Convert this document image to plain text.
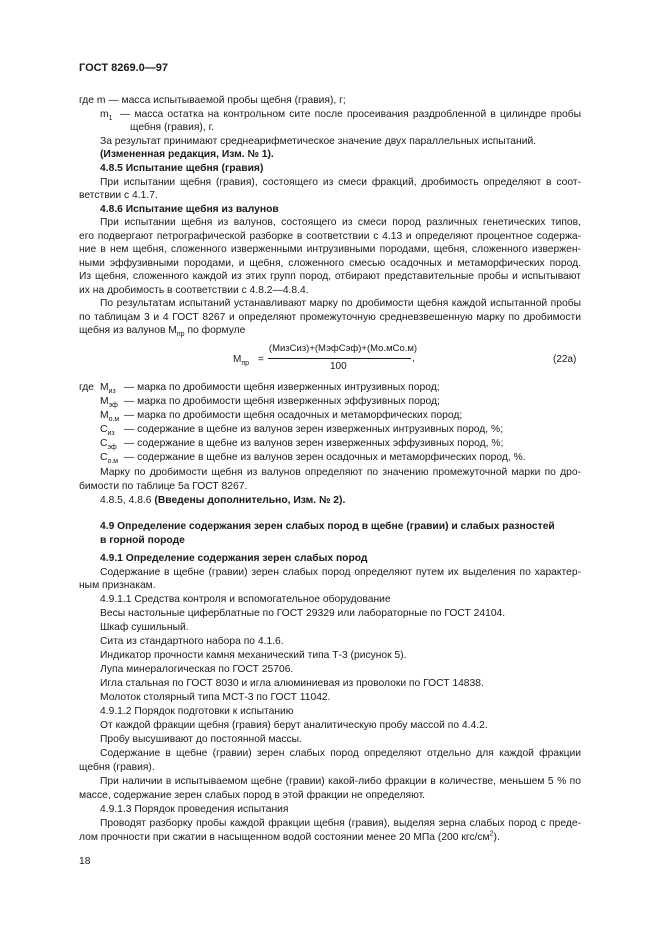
ГОСТ 8269.0—97
где m — масса испытываемой пробы щебня (гравия), г;
$m_1$ — масса остатка на контрольном сите после просеивания раздробленной в цилиндре пробы
щебня (гравия), г.
За результат принимают среднеарифметическое значение двух параллельных испытаний.
(Измененная редакция, Изм. № 1).
4.8.5 Испытание щебня (гравия)
При испытании щебня (гравия), состоящего из смеси фракций, дробимость определяют в соот-
ветствии с 4.1.7.
4.8.6 Испытание щебня из валунов
При испытании щебня из валунов, состоящего из смеси пород различных генетических типов,
его подвергают петрографической разборке в соответствии с 4.13 и определяют процентное содержа-
ние в нем щебня, сложенного изверженными интрузивными породами, щебня, сложенного извержен-
ными эффузивными породами, и щебня, сложенного смесью осадочных и метаморфических пород.
Из щебня, сложенного каждой из этих групп пород, отбирают представительные пробы и испытывают
их на дробимость в соответствии с 4.8.2—4.8.4.
По результатам испытаний устанавливают марку по дробимости щебня каждой испытанной пробы
по таблицам 3 и 4 ГОСТ 8267 и определяют промежуточную средневзвешенную марку по дробимости
щебня из валунов $М_{пр}$ по формуле
$М_{пр}$ =
(МизСиз)+(МэфСэф)+(Мо.мСо.м)
100
,	(22а)
где $М_{из}$ — марка по дробимости щебня изверженных интрузивных пород;
$М_{эф}$ — марка по дробимости щебня изверженных эффузивных пород;
$М_{о.м}$ — марка по дробимости щебня осадочных и метаморфических пород;
$С_{из}$ — содержание в щебне из валунов зерен изверженных интрузивных пород, %;
$С_{эф}$ — содержание в щебне из валунов зерен изверженных эффузивных пород, %;
$С_{о.м}$ — содержание в щебне из валунов зерен осадочных и метаморфических пород, %.
Марку по дробимости щебня из валунов определяют по значению промежуточной марки по дро-
бимости по таблице 5а ГОСТ 8267.
4.8.5, 4.8.6 (Введены дополнительно, Изм. № 2).
4.9 Определение содержания зерен слабых пород в щебне (гравии) и слабых разностей
в горной породе
4.9.1 Определение содержания зерен слабых пород
Содержание в щебне (гравии) зерен слабых пород определяют путем их выделения по характер-
ным признакам.
4.9.1.1 Средства контроля и вспомогательное оборудование
Весы настольные циферблатные по ГОСТ 29329 или лабораторные по ГОСТ 24104.
Шкаф сушильный.
Сита из стандартного набора по 4.1.6.
Индикатор прочности камня механический типа Т-3 (рисунок 5).
Лупа минералогическая по ГОСТ 25706.
Игла стальная по ГОСТ 8030 и игла алюминиевая из проволоки по ГОСТ 14838.
Молоток столярный типа МСТ-3 по ГОСТ 11042.
4.9.1.2 Порядок подготовки к испытанию
От каждой фракции щебня (гравия) берут аналитическую пробу массой по 4.4.2.
Пробу высушивают до постоянной массы.
Содержание в щебне (гравии) зерен слабых пород определяют отдельно для каждой фракции
щебня (гравия).
При наличии в испытываемом щебне (гравии) какой-либо фракции в количестве, меньшем 5 % по
массе, содержание зерен слабых пород в этой фракции не определяют.
4.9.1.3 Порядок проведения испытания
Проводят разборку пробы каждой фракции щебня (гравия), выделяя зерна слабых пород с преде-
лом прочности при сжатии в насыщенном водой состоянии менее 20 МПа (200 кгс/$см^2$).
18
